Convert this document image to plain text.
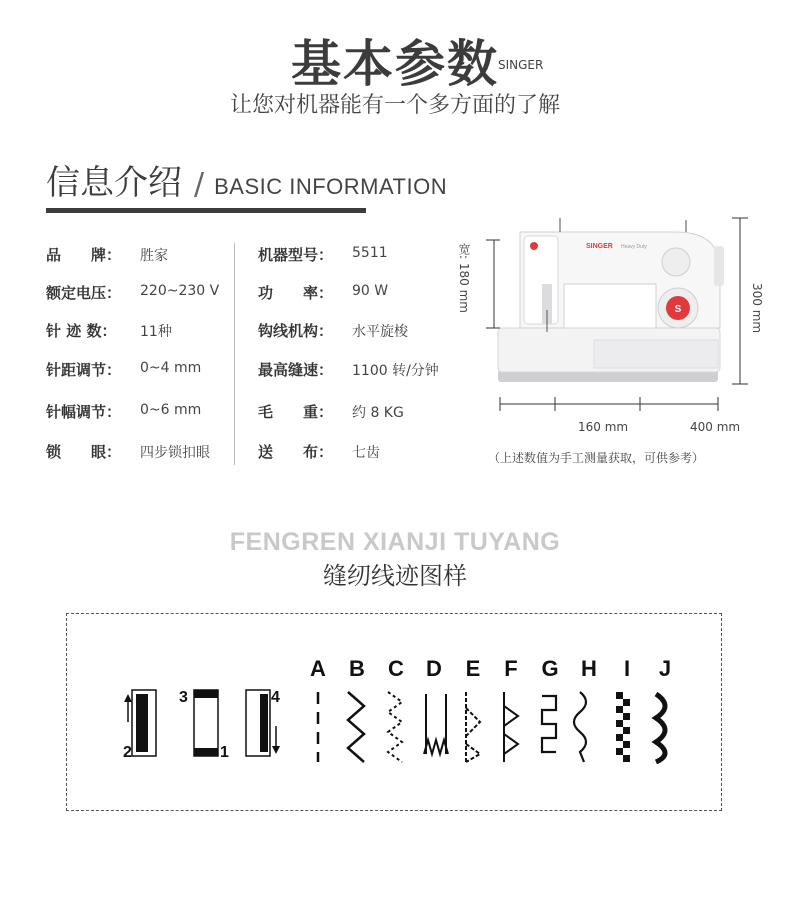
基本参数
让您对机器能有一个多方面的了解
信息介绍 / BASIC INFORMATION
品　　牌： 胜家
额定电压： 220~230 V
针 迹 数： 11种
针距调节： 0~4 mm
针幅调节： 0~6 mm
锁　　眼： 四步锁扣眼
机器型号： 5511
功　　率： 90 W
钩线机构： 水平旋梭
最高缝速： 1100 转/分钟
毛　　重： 约 8 KG
送　　布： 七齿
SINGER Heavy Duty
S
SINGER
宽: 180 mm	300 mm
160 mm	400 mm
（上述数值为手工测量获取，可供参考）
FENGREN XIANJI TUYANG
缝纫线迹图样
2
3
1
4
A B C D E F G H	I	J
